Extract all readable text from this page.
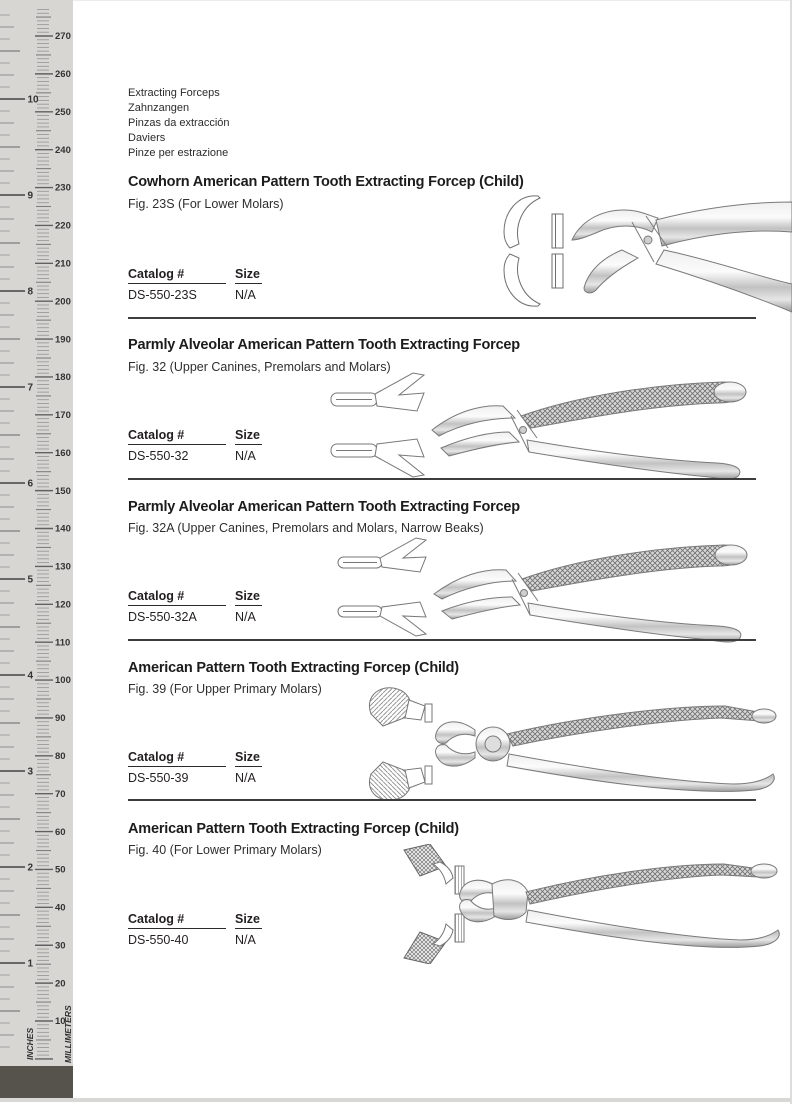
270
260
250
240
230
220
210
200
190
180
170
160
150
140
130
120
110
100
90
80
70
60
50
40
30
20
10
10
9
8
7
6
5
4
3
2
1
INCHES	MILLIMETERS
Extracting Forceps
Zahnzangen
Pinzas da extracción
Daviers
Pinze per estrazione
Cowhorn American Pattern Tooth Extracting Forcep (Child)
Fig. 23S (For Lower Molars)
Catalog #	Size
DS-550-23S	N/A
Parmly Alveolar American Pattern Tooth Extracting Forcep
Fig. 32 (Upper Canines, Premolars and Molars)
Catalog #	Size
DS-550-32	N/A
Parmly Alveolar American Pattern Tooth Extracting Forcep
Fig. 32A (Upper Canines, Premolars and Molars, Narrow Beaks)
Catalog #	Size
DS-550-32A	N/A
American Pattern Tooth Extracting Forcep (Child)
Fig. 39 (For Upper Primary Molars)
Catalog #	Size
DS-550-39	N/A
American Pattern Tooth Extracting Forcep (Child)
Fig. 40 (For Lower Primary Molars)
Catalog #	Size
DS-550-40	N/A
